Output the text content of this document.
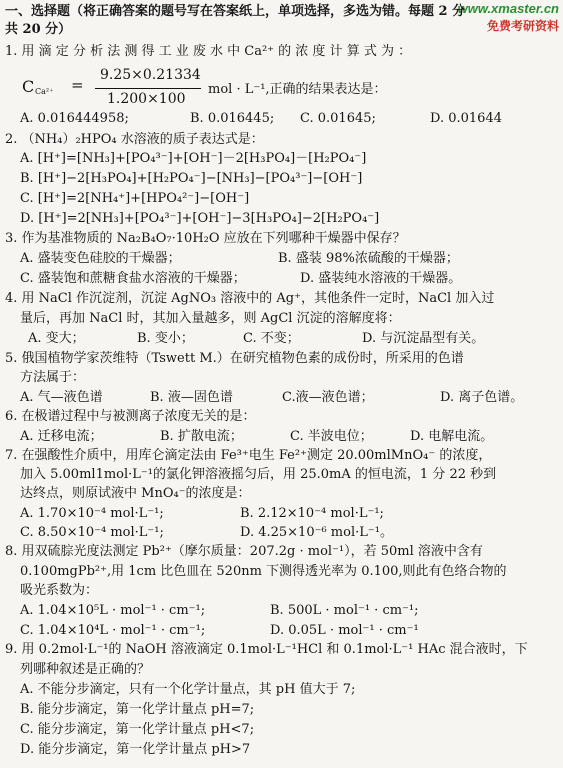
www.xmaster.cn
免费考研资料
一、选择题（将正确答案的题号写在答案纸上，单项选择，多选为错。每题 2 分
共 20 分）
1. 用 滴 定 分 析 法 测 得 工 业 废 水 中 Ca²⁺ 的 浓 度 计 算 式 为 ：
C Ca²⁺ =
9.25×0.21334
1.200×100
mol · L⁻¹,正确的结果表达是：
A. 0.016444958;	B. 0.016445; C. 0.01645;	D. 0.01644
2. （NH₄）₂HPO₄ 水溶液的质子表达式是：
A. [H⁺]=[NH₃]+[PO₄³⁻]+[OH⁻]－2[H₃PO₄]－[H₂PO₄⁻]
B. [H⁺]−2[H₃PO₄]+[H₂PO₄⁻]−[NH₃]−[PO₄³⁻]−[OH⁻]
C. [H⁺]=2[NH₄⁺]+[HPO₄²⁻]−[OH⁻]
D. [H⁺]=2[NH₃]+[PO₄³⁻]+[OH⁻]−3[H₃PO₄]−2[H₂PO₄⁻]
3. 作为基准物质的 Na₂B₄O₇·10H₂O 应放在下列哪种干燥器中保存？
A. 盛装变色硅胶的干燥器；	B. 盛装 98%浓硫酸的干燥器；
C. 盛装饱和蔗糖食盐水溶液的干燥器；	D. 盛装纯水溶液的干燥器。
4. 用 NaCl 作沉淀剂，沉淀 AgNO₃ 溶液中的 Ag⁺，其他条件一定时，NaCl 加入过
量后，再加 NaCl 时，其加入量越多，则 AgCl 沉淀的溶解度将：
A. 变大；	B. 变小；	C. 不变；	D. 与沉淀晶型有关。
5. 俄国植物学家茨维特（Tswett M.）在研究植物色素的成份时，所采用的色谱
方法属于：
A. 气—液色谱	B. 液—固色谱	C.液—液色谱；	D. 离子色谱。
6. 在极谱过程中与被测离子浓度无关的是：
A. 迁移电流；	B. 扩散电流；	C. 半波电位；	D. 电解电流。
7. 在强酸性介质中，用库仑滴定法由 Fe³⁺电生 Fe²⁺测定 20.00mlMnO₄⁻ 的浓度，
加入 5.00ml1mol·L⁻¹的氯化钾溶液摇匀后，用 25.0mA 的恒电流，1 分 22 秒到
达终点，则原试液中 MnO₄⁻的浓度是：
A. 1.70×10⁻⁴ mol·L⁻¹;	B. 2.12×10⁻⁴ mol·L⁻¹;
C. 8.50×10⁻⁴ mol·L⁻¹;	D. 4.25×10⁻⁶ mol·L⁻¹。
8. 用双硫腙光度法测定 Pb²⁺（摩尔质量：207.2g · mol⁻¹），若 50ml 溶液中含有
0.100mgPb²⁺,用 1cm 比色皿在 520nm 下测得透光率为 0.100,则此有色络合物的
吸光系数为：
A. 1.04×10⁵L · mol⁻¹ · cm⁻¹;	B. 500L · mol⁻¹ · cm⁻¹;
C. 1.04×10⁴L · mol⁻¹ · cm⁻¹;	D. 0.05L · mol⁻¹ · cm⁻¹
9. 用 0.2mol·L⁻¹的 NaOH 溶液滴定 0.1mol·L⁻¹HCl 和 0.1mol·L⁻¹ HAc 混合液时，下
列哪种叙述是正确的？
A. 不能分步滴定，只有一个化学计量点，其 pH 值大于 7;
B. 能分步滴定，第一化学计量点 pH=7;
C. 能分步滴定，第一化学计量点 pH<7;
D. 能分步滴定，第一化学计量点 pH>7
